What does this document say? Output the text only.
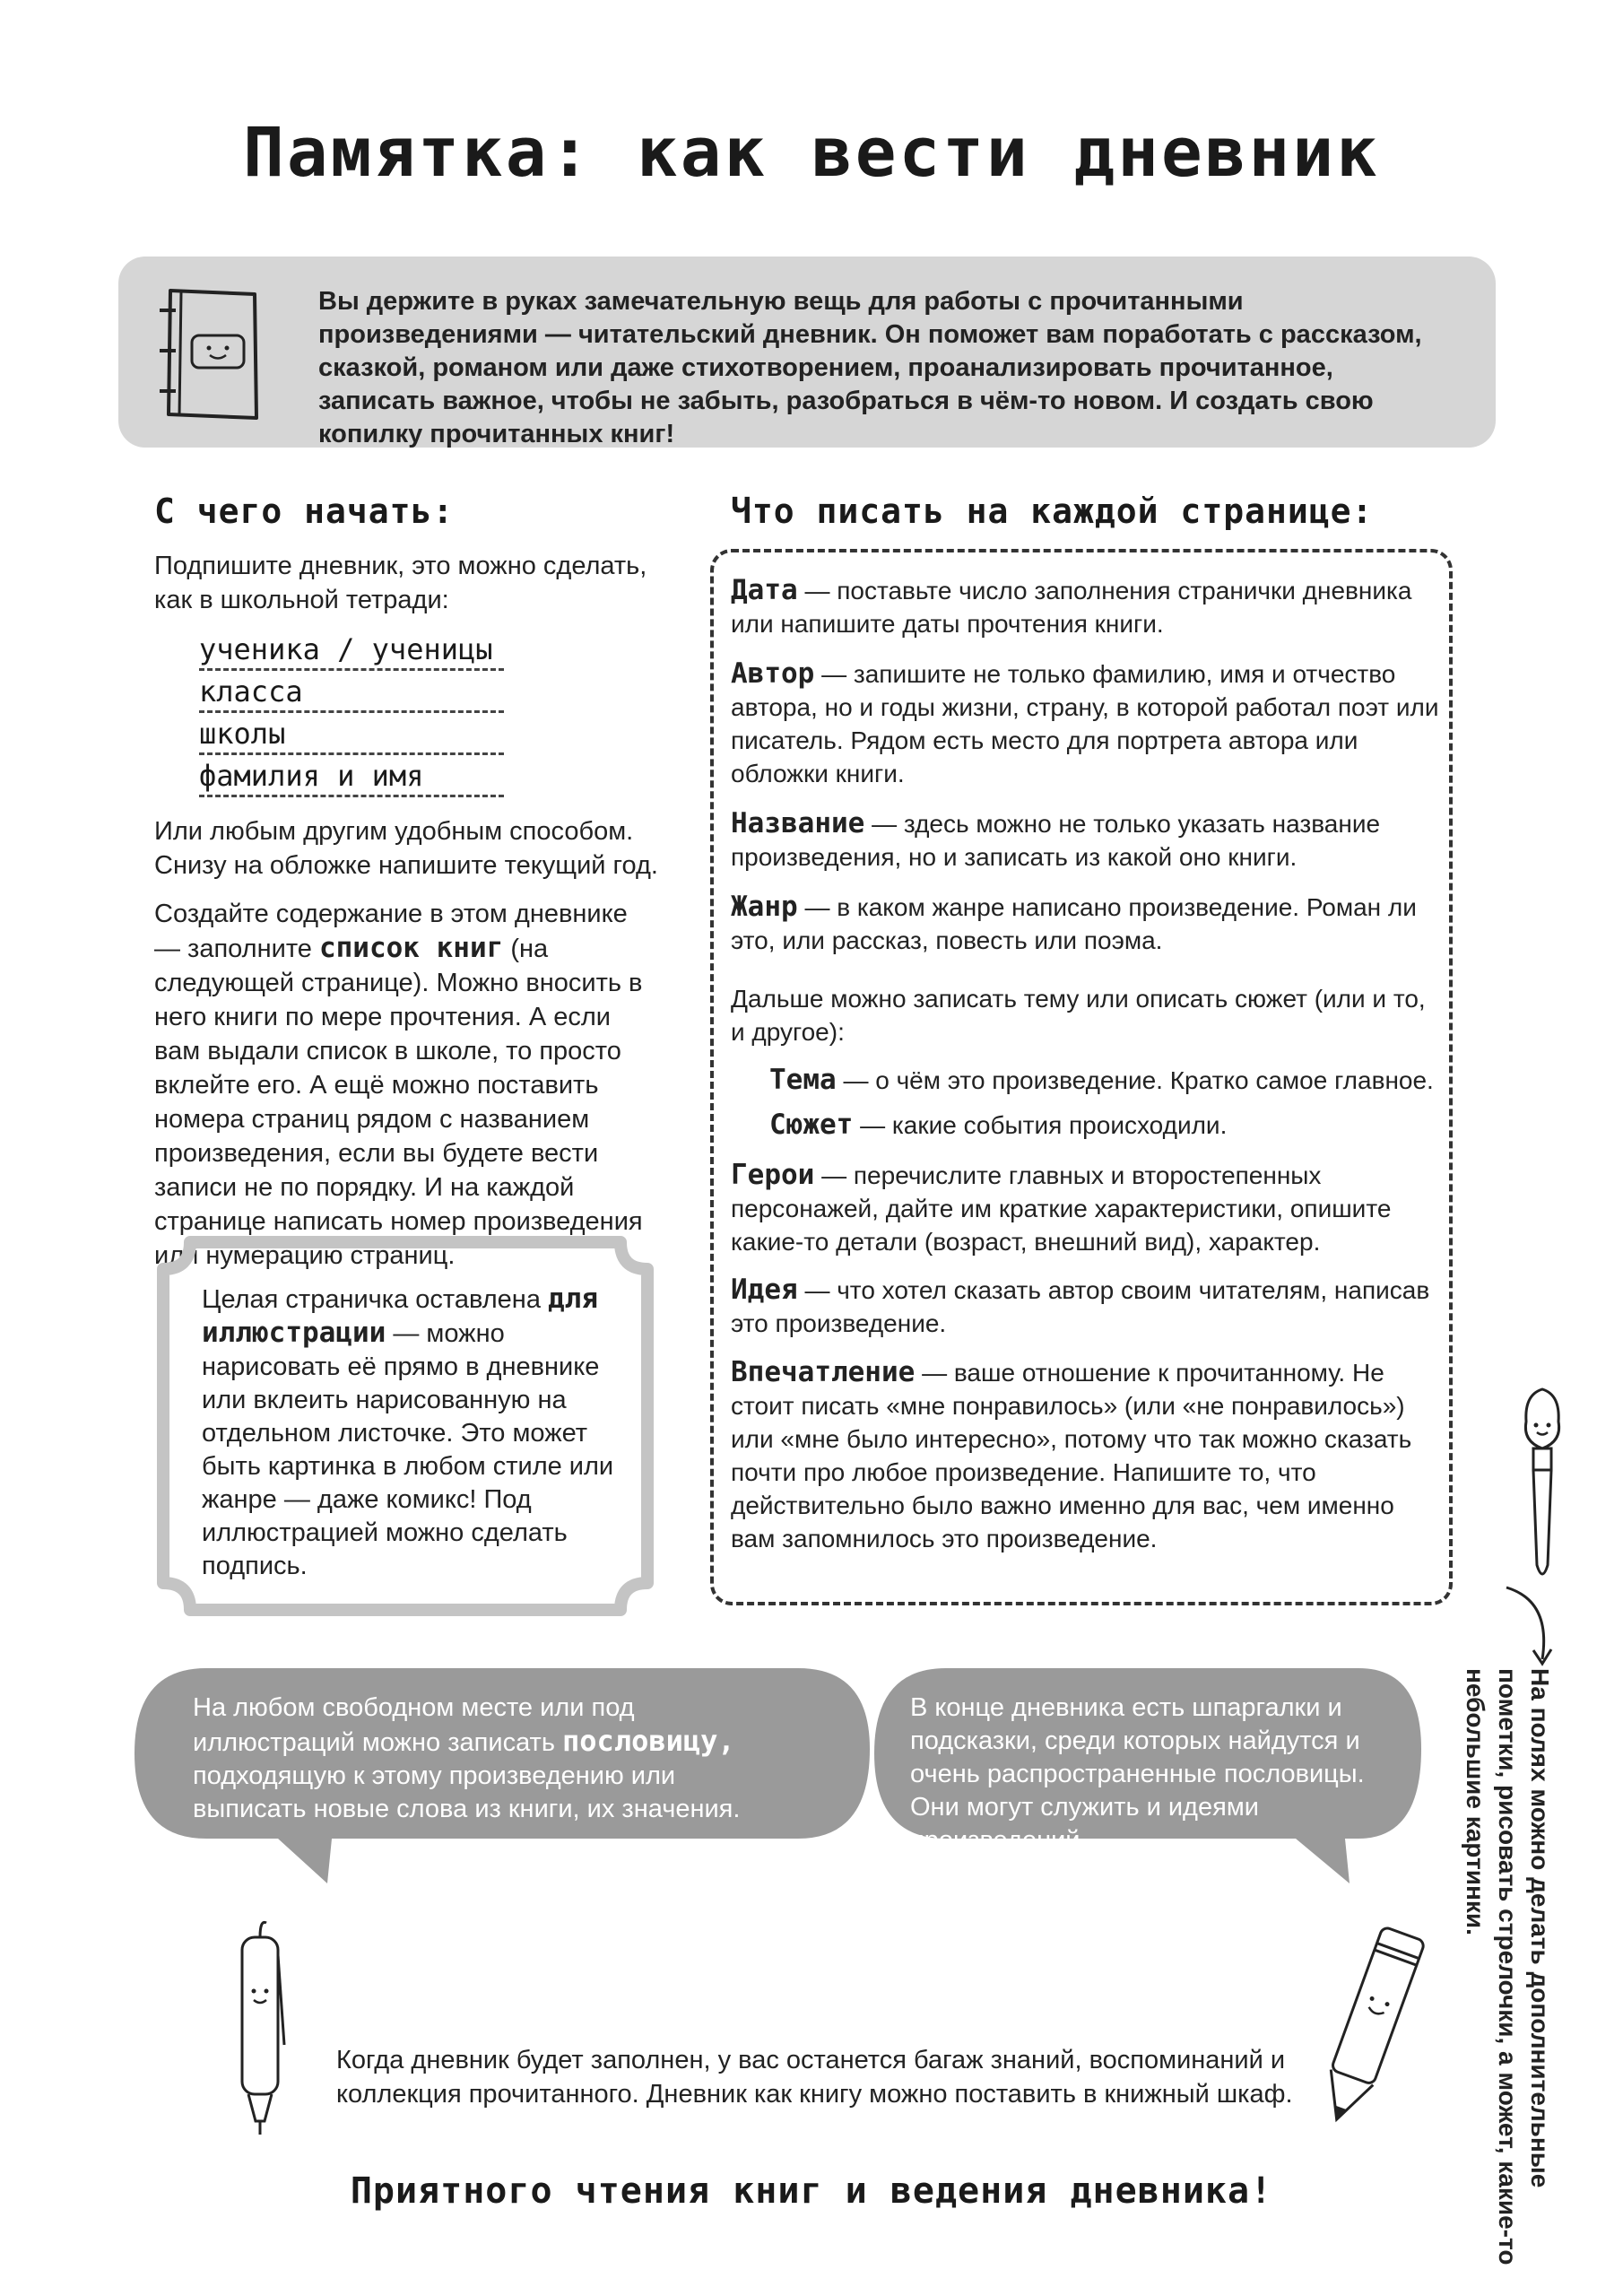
Памятка: как вести дневник
Вы держите в руках замечательную вещь для работы с прочитанными произведениями — читательский дневник. Он поможет вам поработать с рассказом, сказкой, романом или даже стихотворением, проанализировать прочитанное, записать важное, чтобы не забыть, разобраться в чём-то новом. И создать свою копилку прочитанных книг!
С чего начать:
Подпишите дневник, это можно сделать, как в школьной тетради:
ученика / ученицы
класса
школы
фамилия и имя
Или любым другим удобным способом. Снизу на обложке напишите текущий год.
Создайте содержание в этом дневнике — заполните список книг (на следующей странице). Можно вносить в него книги по мере прочтения. А если вам выдали список в школе, то просто вклейте его. А ещё можно поставить номера страниц рядом с названием произведения, если вы будете вести записи не по порядку. И на каждой странице написать номер произведения или нумерацию страниц.
Целая страничка оставлена для иллюстрации — можно нарисовать её прямо в дневнике или вклеить нарисованную на отдельном листочке. Это может быть картинка в любом стиле или жанре — даже комикс! Под иллюстрацией можно сделать подпись.
Что писать на каждой странице:
Дата — поставьте число заполнения странички дневника или напишите даты прочтения книги.
Автор — запишите не только фамилию, имя и отчество автора, но и годы жизни, страну, в которой работал поэт или писатель. Рядом есть место для портрета автора или обложки книги.
Название — здесь можно не только указать название произведения, но и записать из какой оно книги.
Жанр — в каком жанре написано произведение. Роман ли это, или рассказ, повесть или поэма.
Дальше можно записать тему или описать сюжет (или и то, и другое):
Тема — о чём это произведение. Кратко самое главное.
Сюжет — какие события происходили.
Герои — перечислите главных и второстепенных персонажей, дайте им краткие характеристики, опишите какие-то детали (возраст, внешний вид), характер.
Идея — что хотел сказать автор своим читателям, написав это произведение.
Впечатление — ваше отношение к прочитанному. Не стоит писать «мне понравилось» (или «не понравилось») или «мне было интересно», потому что так можно сказать почти про любое произведение. Напишите то, что действительно было важно именно для вас, чем именно вам запомнилось это произведение.
На любом свободном месте или под иллюстраций можно записать пословицу, подходящую к этому произведению или выписать новые слова из книги, их значения.
В конце дневника есть шпаргалки и подсказки, среди которых найдутся и очень распространенные пословицы. Они могут служить и идеями произведений.	На полях можно делать дополнительные пометки, рисовать стрелочки, а может, какие-то небольшие картинки.
Когда дневник будет заполнен, у вас останется багаж знаний, воспоминаний и коллекция прочитанного. Дневник как книгу можно поставить в книжный шкаф.
Приятного чтения книг и ведения дневника!
